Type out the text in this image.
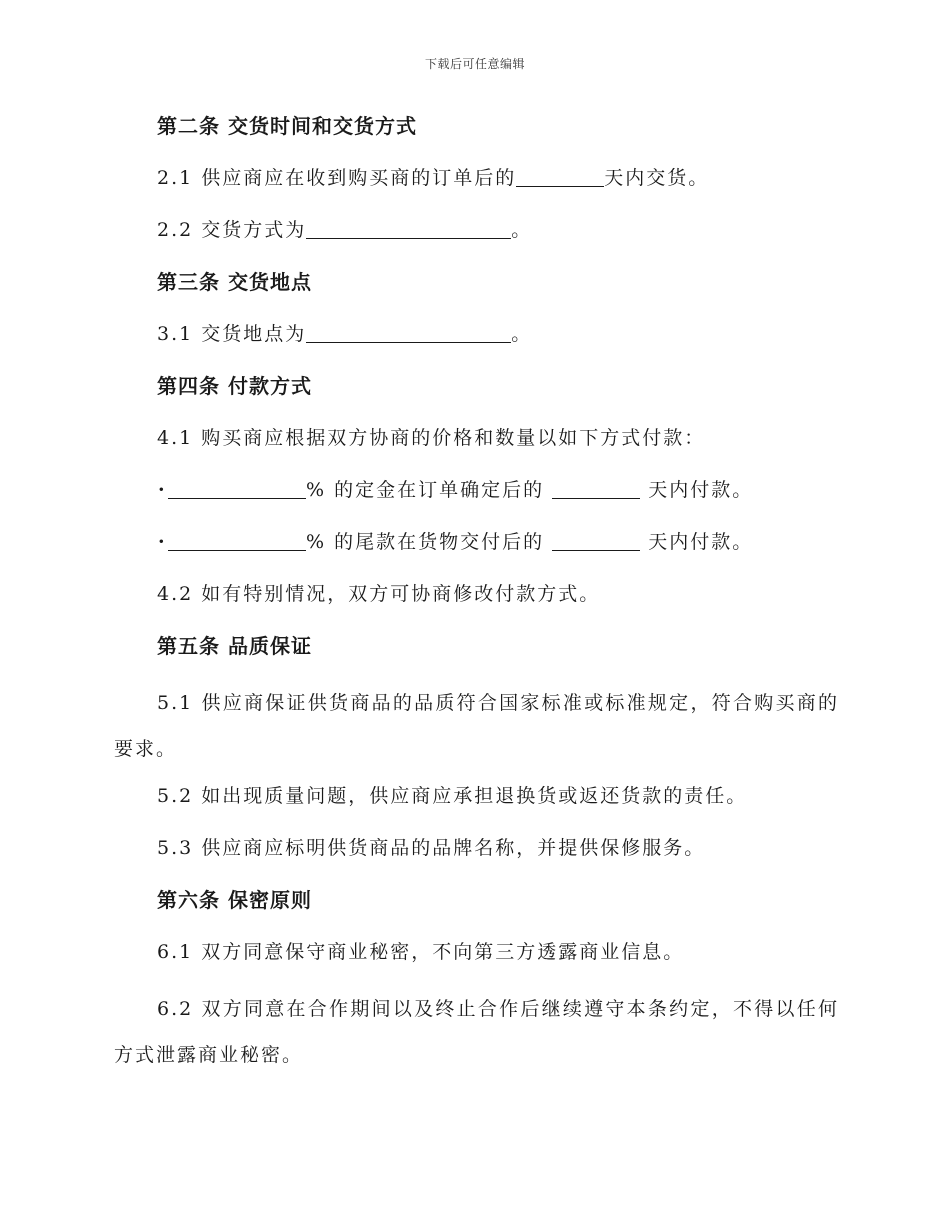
下载后可任意编辑
第二条 交货时间和交货方式
2.1 供应商应在收到购买商的订单后的	天内交货。
2.2 交货方式为	。
第三条 交货地点
3.1 交货地点为	。
第四条 付款方式
4.1 购买商应根据双方协商的价格和数量以如下方式付款：
·	% 的定金在订单确定后的	天内付款。
·	% 的尾款在货物交付后的	天内付款。
4.2 如有特别情况，双方可协商修改付款方式。
第五条 品质保证
5.1 供应商保证供货商品的品质符合国家标准或标准规定，符合购买商的要求。
5.2 如出现质量问题，供应商应承担退换货或返还货款的责任。
5.3 供应商应标明供货商品的品牌名称，并提供保修服务。
第六条 保密原则
6.1 双方同意保守商业秘密，不向第三方透露商业信息。
6.2 双方同意在合作期间以及终止合作后继续遵守本条约定，不得以任何方式泄露商业秘密。
